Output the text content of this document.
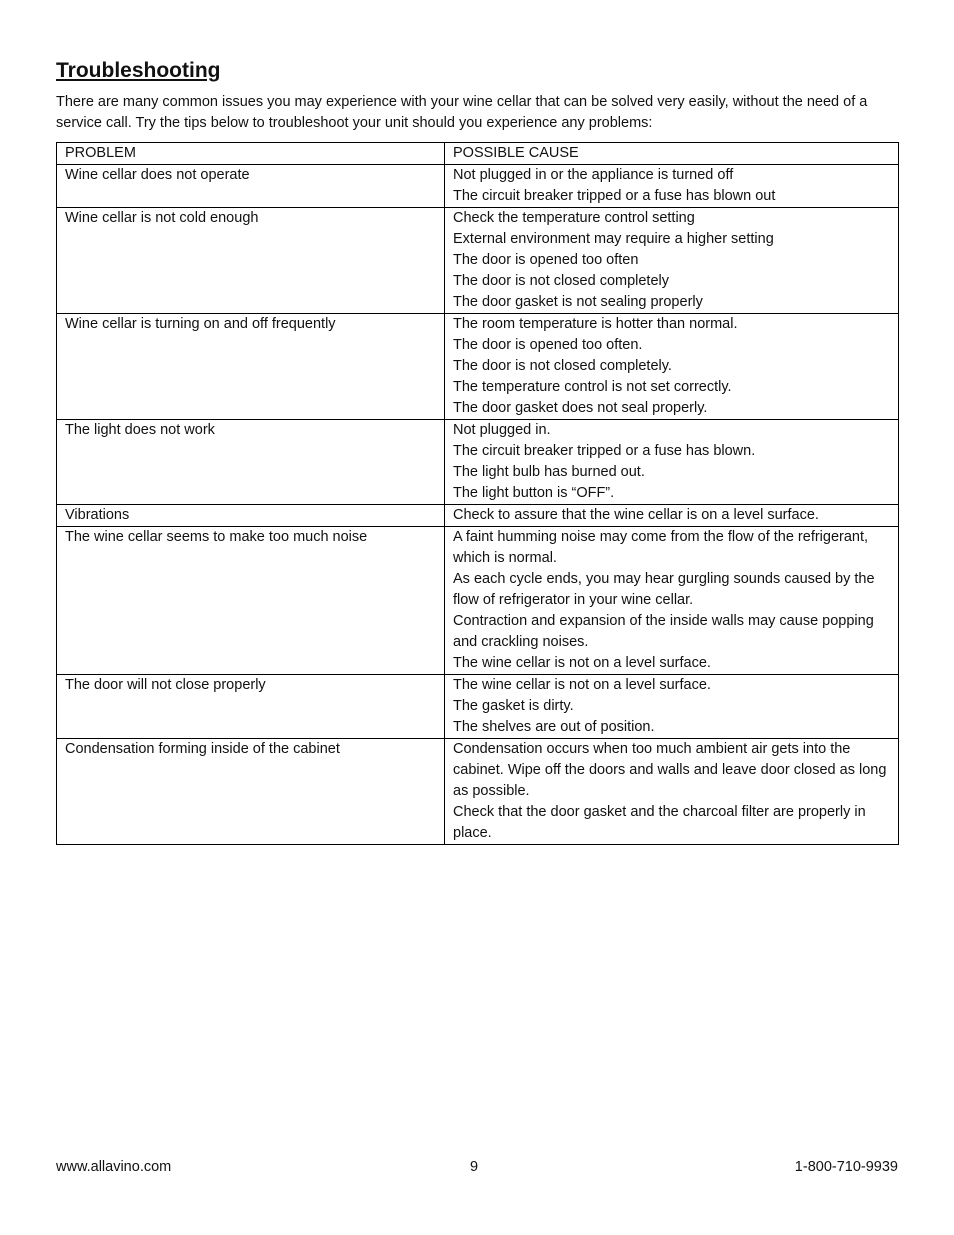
Troubleshooting

There are many common issues you may experience with your wine cellar that can be solved very easily, without the need of a service call. Try the tips below to troubleshoot your unit should you experience any problems:

PROBLEM	POSSIBLE CAUSE
Wine cellar does not operate	Not plugged in or the appliance is turned off
The circuit breaker tripped or a fuse has blown out

Wine cellar is not cold enough	Check the temperature control setting
External environment may require a higher setting
The door is opened too often
The door is not closed completely
The door gasket is not sealing properly

Wine cellar is turning on and off frequently	The room temperature is hotter than normal.
The door is opened too often.
The door is not closed completely.
The temperature control is not set correctly.
The door gasket does not seal properly.

The light does not work	Not plugged in.
The circuit breaker tripped or a fuse has blown.
The light bulb has burned out.
The light button is “OFF”.

Vibrations	Check to assure that the wine cellar is on a level surface.

The wine cellar seems to make too much noise	A faint humming noise may come from the flow of the refrigerant, which is normal.
As each cycle ends, you may hear gurgling sounds caused by the flow of refrigerator in your wine cellar.
Contraction and expansion of the inside walls may cause popping and crackling noises.
The wine cellar is not on a level surface.

The door will not close properly	The wine cellar is not on a level surface.
The gasket is dirty.
The shelves are out of position.

Condensation forming inside of the cabinet	Condensation occurs when too much ambient air gets into the cabinet. Wipe off the doors and walls and leave door closed as long as possible.
Check that the door gasket and the charcoal filter are properly in place.
www.allavino.com	9	1-800-710-9939
